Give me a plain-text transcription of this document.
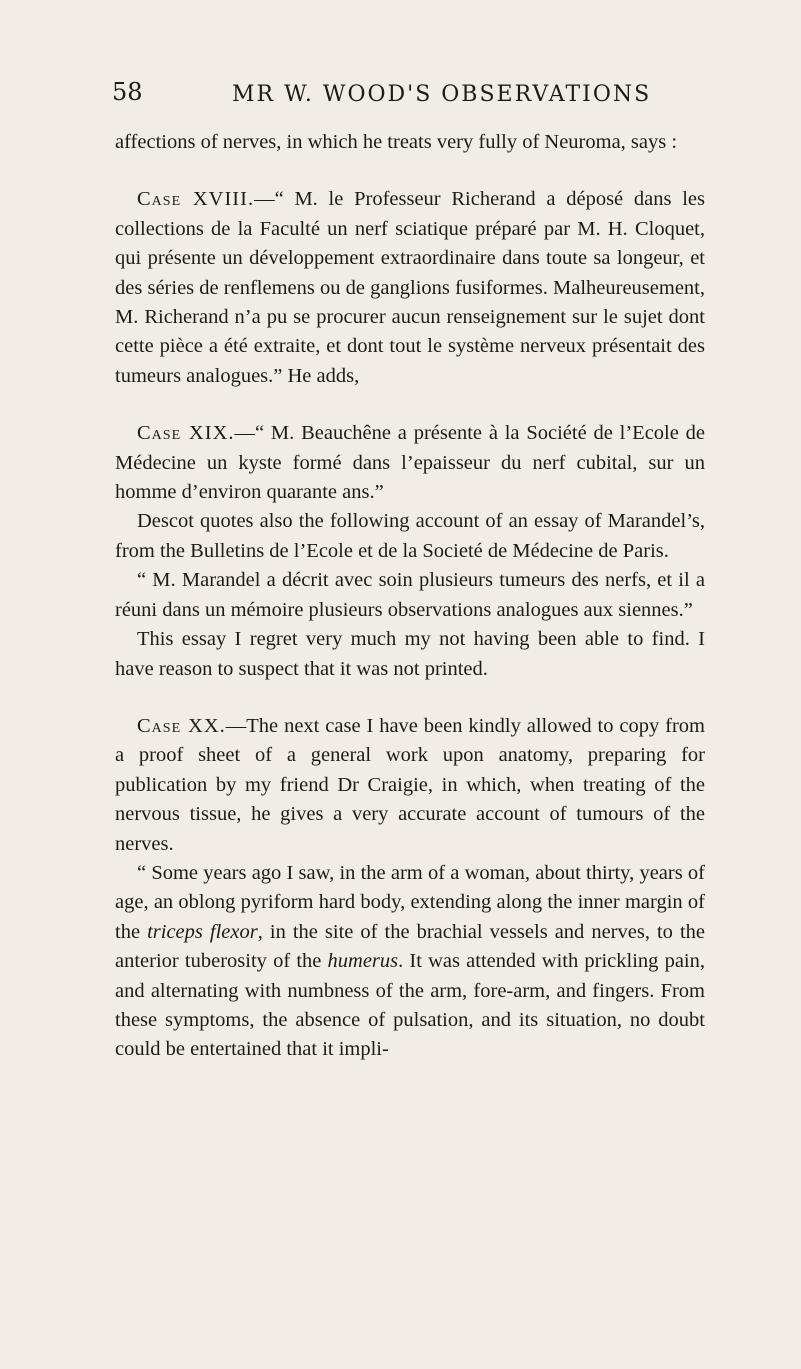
58	MR W. WOOD'S OBSERVATIONS

affections of nerves, in which he treats very fully of Neuroma, says :

Case XVIII.—“ M. le Professeur Richerand a déposé dans les collections de la Faculté un nerf sciatique préparé par M. H. Cloquet, qui présente un développement extraordinaire dans toute sa longeur, et des séries de renflemens ou de ganglions fusiformes. Malheureusement, M. Richerand n’a pu se procurer aucun renseignement sur le sujet dont cette pièce a été extraite, et dont tout le système nerveux présentait des tumeurs analogues.” He adds,

Case XIX.—“ M. Beauchêne a présente à la Société de l’Ecole de Médecine un kyste formé dans l’epaisseur du nerf cubital, sur un homme d’environ quarante ans.”

Descot quotes also the following account of an essay of Marandel’s, from the Bulletins de l’Ecole et de la Societé de Médecine de Paris.

“ M. Marandel a décrit avec soin plusieurs tumeurs des nerfs, et il a réuni dans un mémoire plusieurs observations analogues aux siennes.”

This essay I regret very much my not having been able to find. I have reason to suspect that it was not printed.

Case XX.—The next case I have been kindly allowed to copy from a proof sheet of a general work upon anatomy, preparing for publication by my friend Dr Craigie, in which, when treating of the nervous tissue, he gives a very accurate account of tumours of the nerves.

“ Some years ago I saw, in the arm of a woman, about thirty, years of age, an oblong pyriform hard body, extending along the inner margin of the triceps flexor, in the site of the brachial vessels and nerves, to the anterior tuberosity of the humerus. It was attended with prickling pain, and alternating with numbness of the arm, fore-arm, and fingers. From these symptoms, the absence of pulsation, and its situation, no doubt could be entertained that it impli-
